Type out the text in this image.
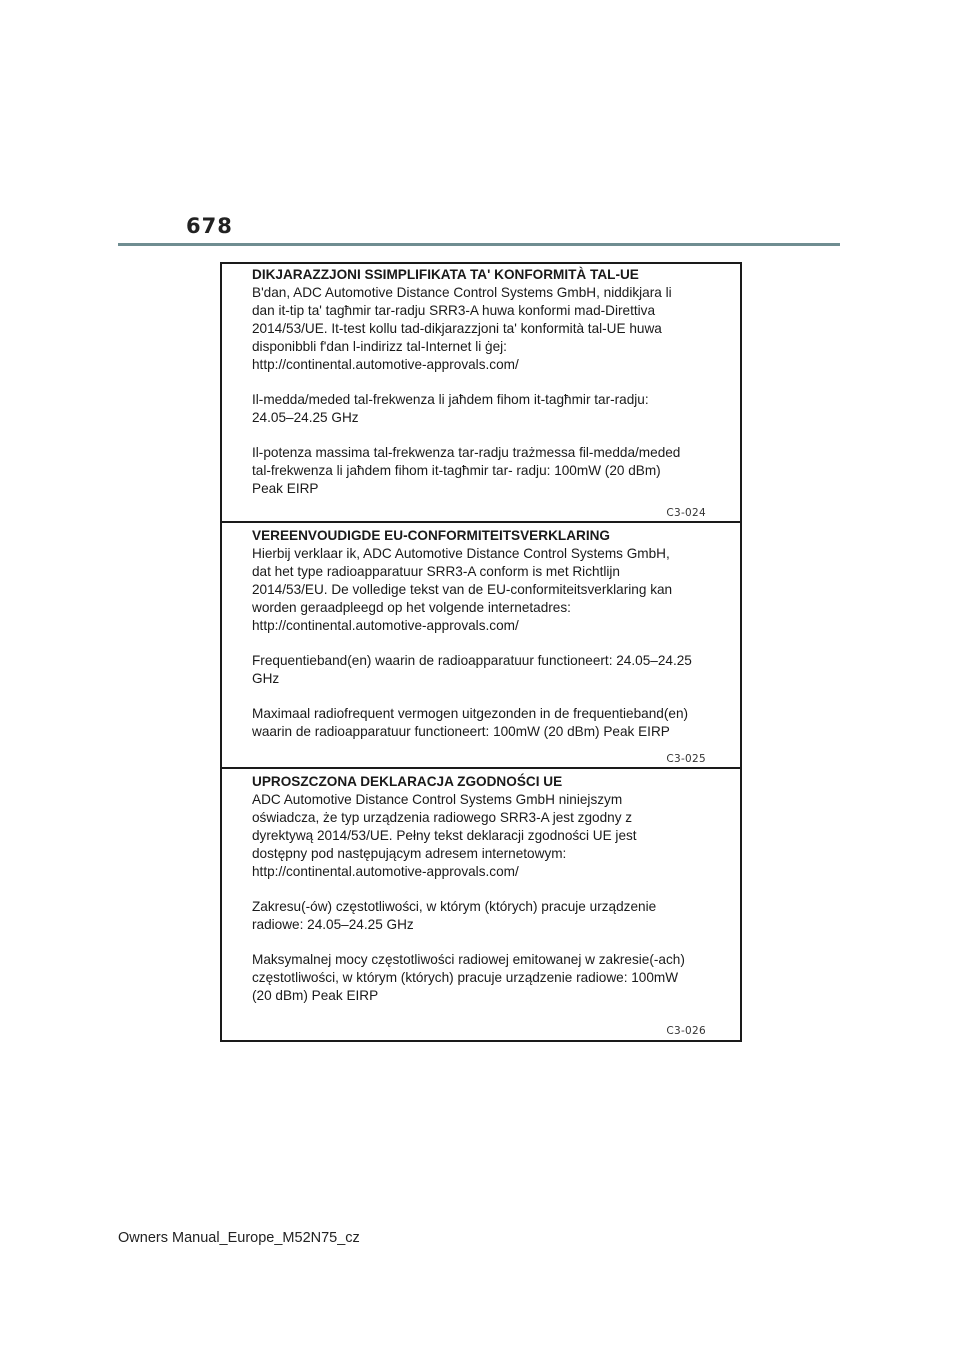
678
DIKJARAZZJONI SSIMPLIFIKATA TA' KONFORMITÀ TAL-UE
B'dan, ADC Automotive Distance Control Systems GmbH, niddikjara li
dan it-tip ta' tagħmir tar-radju SRR3-A huwa konformi mad-Direttiva
2014/53/UE. It-test kollu tad-dikjarazzjoni ta' konformità tal-UE huwa
disponibbli f'dan l-indirizz tal-Internet li ġej:
http://continental.automotive-approvals.com/
Il-medda/meded tal-frekwenza li jaħdem fihom it-tagħmir tar-radju:
24.05–24.25 GHz
Il-potenza massima tal-frekwenza tar-radju trażmessa fil-medda/meded
tal-frekwenza li jaħdem fihom it-tagħmir tar- radju: 100mW (20 dBm)
Peak EIRP
C3-024
VEREENVOUDIGDE EU-CONFORMITEITSVERKLARING
Hierbij verklaar ik, ADC Automotive Distance Control Systems GmbH,
dat het type radioapparatuur SRR3-A conform is met Richtlijn
2014/53/EU. De volledige tekst van de EU-conformiteitsverklaring kan
worden geraadpleegd op het volgende internetadres:
http://continental.automotive-approvals.com/
Frequentieband(en) waarin de radioapparatuur functioneert: 24.05–24.25
GHz
Maximaal radiofrequent vermogen uitgezonden in de frequentieband(en)
waarin de radioapparatuur functioneert: 100mW (20 dBm) Peak EIRP
C3-025
UPROSZCZONA DEKLARACJA ZGODNOŚCI UE
ADC Automotive Distance Control Systems GmbH niniejszym
oświadcza, że typ urządzenia radiowego SRR3-A jest zgodny z
dyrektywą 2014/53/UE. Pełny tekst deklaracji zgodności UE jest
dostępny pod następującym adresem internetowym:
http://continental.automotive-approvals.com/
Zakresu(-ów) częstotliwości, w którym (których) pracuje urządzenie
radiowe: 24.05–24.25 GHz
Maksymalnej mocy częstotliwości radiowej emitowanej w zakresie(-ach)
częstotliwości, w którym (których) pracuje urządzenie radiowe: 100mW
(20 dBm) Peak EIRP
C3-026
Owners Manual_Europe_M52N75_cz
